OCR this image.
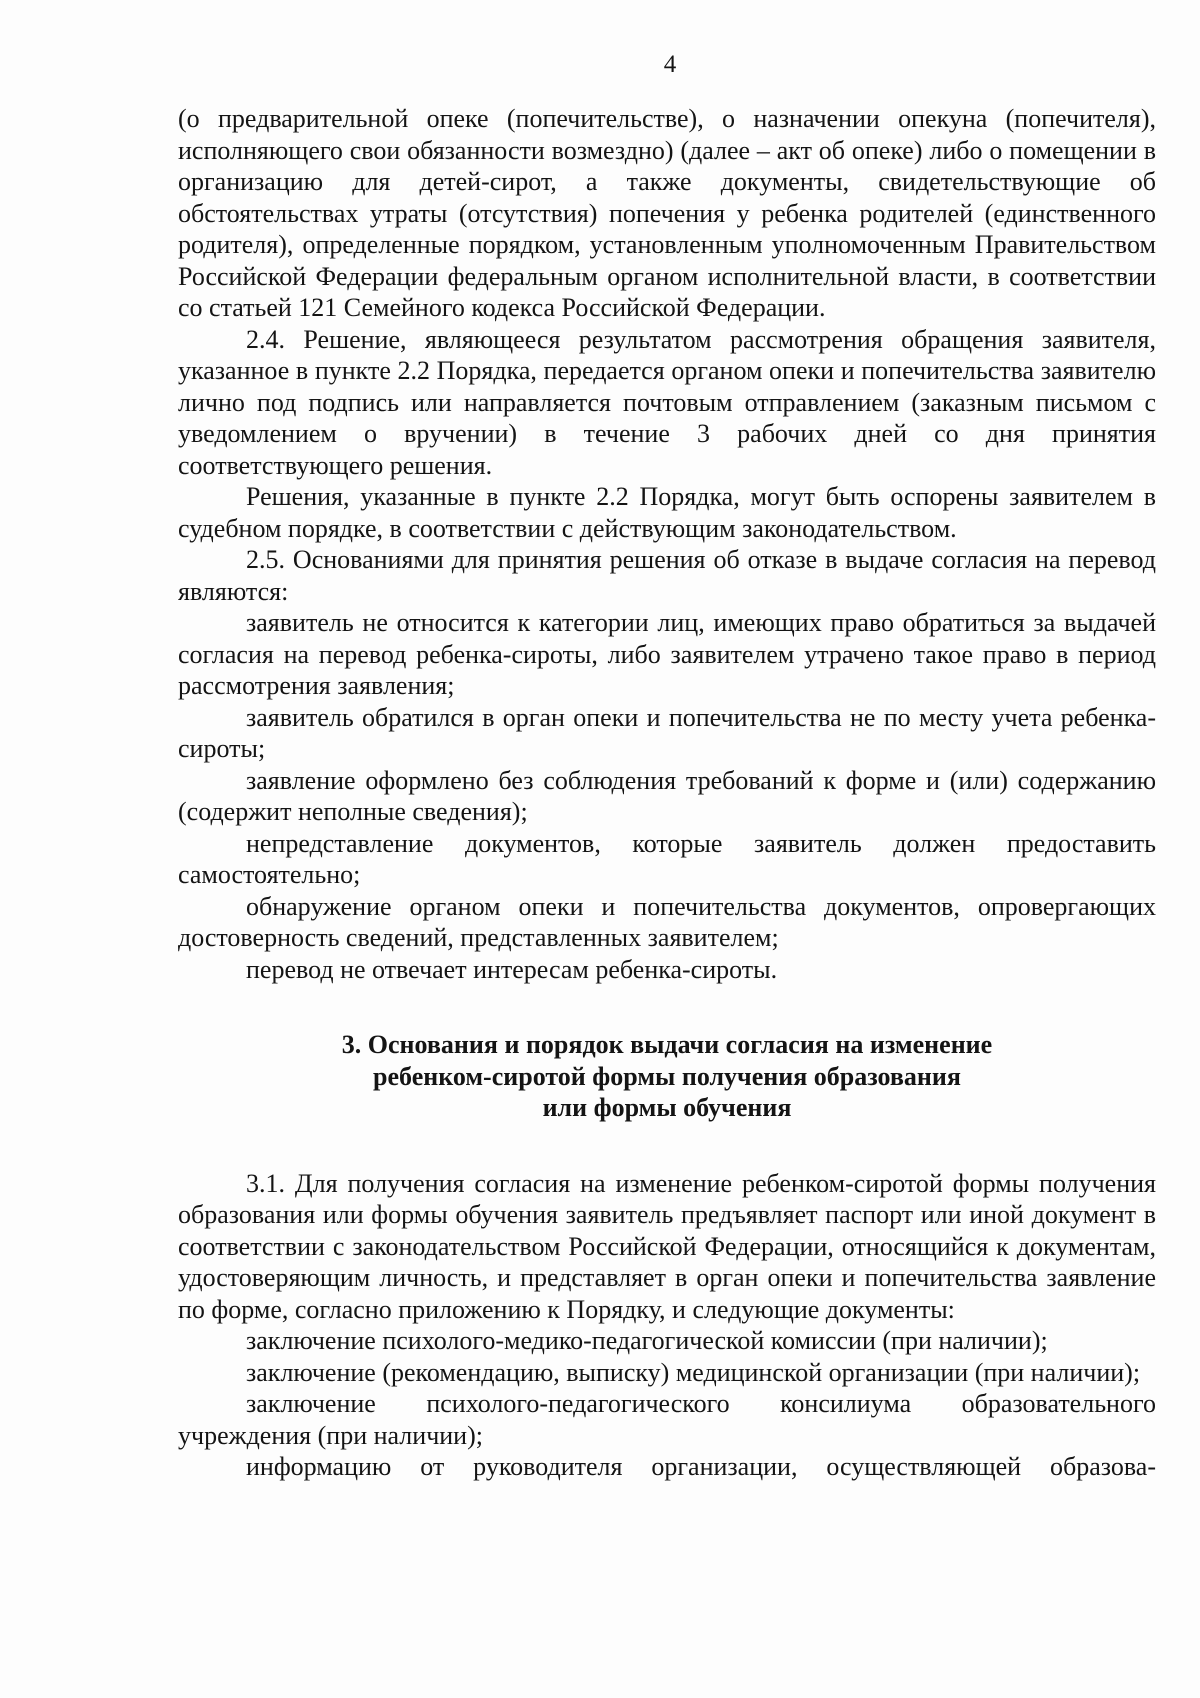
4

(о предварительной опеке (попечительстве), о назначении опекуна (попечителя), исполняющего свои обязанности возмездно) (далее – акт об опеке) либо о помещении в организацию для детей-сирот, а также документы, свидетельствующие об обстоятельствах утраты (отсутствия) попечения у ребенка родителей (единственного родителя), определенные порядком, установленным уполномоченным Правительством Российской Федерации федеральным органом исполнительной власти, в соответствии со статьей 121 Семейного кодекса Российской Федерации.

2.4. Решение, являющееся результатом рассмотрения обращения заявителя, указанное в пункте 2.2 Порядка, передается органом опеки и попечительства заявителю лично под подпись или направляется почтовым отправлением (заказным письмом с уведомлением о вручении) в течение 3 рабочих дней со дня принятия соответствующего решения.

Решения, указанные в пункте 2.2 Порядка, могут быть оспорены заявителем в судебном порядке, в соответствии с действующим законодательством.

2.5. Основаниями для принятия решения об отказе в выдаче согласия на перевод являются:

заявитель не относится к категории лиц, имеющих право обратиться за выдачей согласия на перевод ребенка-сироты, либо заявителем утрачено такое право в период рассмотрения заявления;

заявитель обратился в орган опеки и попечительства не по месту учета ребенка-сироты;

заявление оформлено без соблюдения требований к форме и (или) содержанию (содержит неполные сведения);

непредставление документов, которые заявитель должен предоставить самостоятельно;

обнаружение органом опеки и попечительства документов, опровергающих достоверность сведений, представленных заявителем;

перевод не отвечает интересам ребенка-сироты.

3. Основания и порядок выдачи согласия на изменение
ребенком-сиротой формы получения образования
или формы обучения

3.1. Для получения согласия на изменение ребенком-сиротой формы получения образования или формы обучения заявитель предъявляет паспорт или иной документ в соответствии с законодательством Российской Федерации, относящийся к документам, удостоверяющим личность, и представляет в орган опеки и попечительства заявление по форме, согласно приложению к Порядку, и следующие документы:

заключение психолого-медико-педагогической комиссии (при наличии);

заключение (рекомендацию, выписку) медицинской организации (при наличии);

заключение психолого-педагогического консилиума образовательного учреждения (при наличии);

информацию от руководителя организации, осуществляющей образова-
